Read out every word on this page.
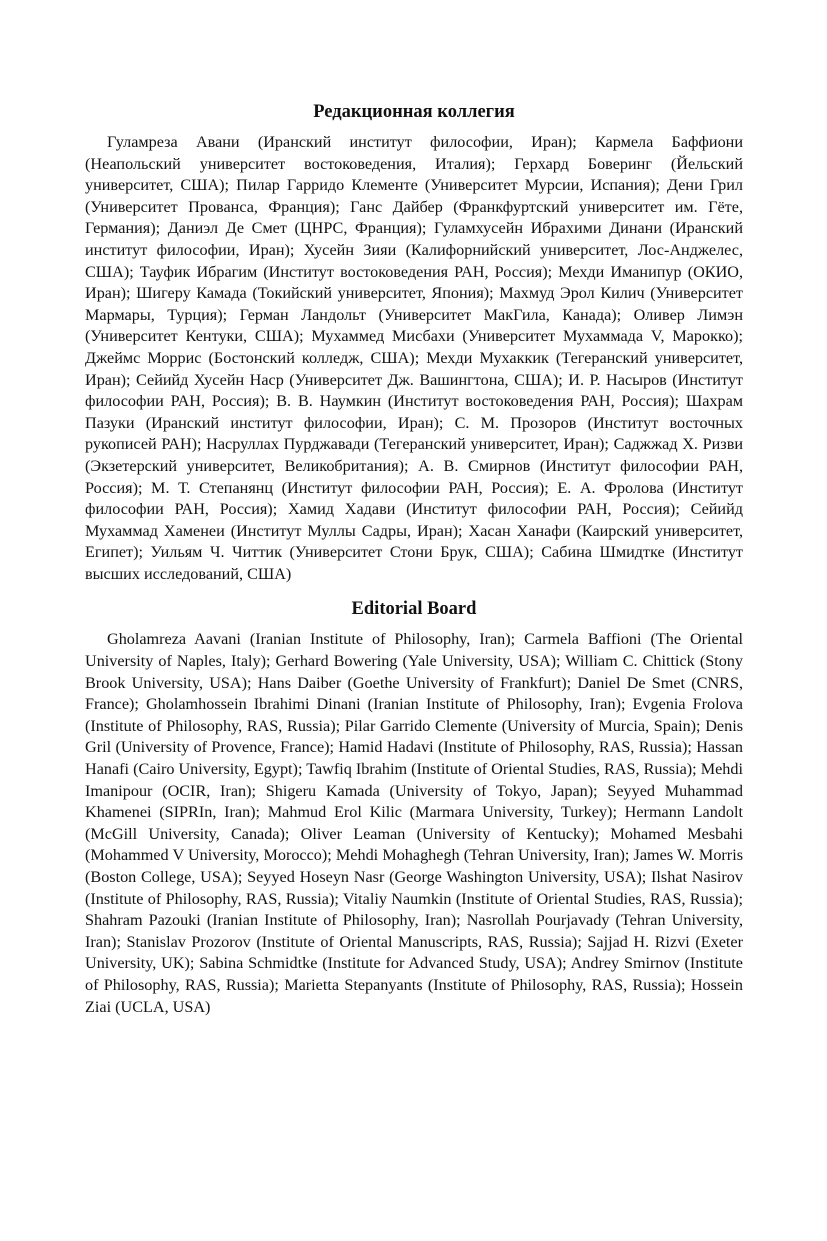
Редакционная коллегия

Гуламреза Авани (Иранский институт философии, Иран); Кармела Баффиони (Неапольский университет востоковедения, Италия); Герхард Боверинг (Йельский университет, США); Пилар Гарридо Клементе (Университет Мурсии, Испания); Дени Грил (Университет Прованса, Франция); Ганс Дайбер (Франкфуртский университет им. Гёте, Германия); Даниэл Де Смет (ЦНРС, Франция); Гуламхусейн Ибрахими Динани (Иранский институт философии, Иран); Хусейн Зияи (Калифорнийский университет, Лос-Анджелес, США); Тауфик Ибрагим (Институт востоковедения РАН, Россия); Мехди Иманипур (ОКИО, Иран); Шигеру Камада (Токийский университет, Япония); Махмуд Эрол Килич (Университет Мармары, Турция); Герман Ландольт (Университет МакГила, Канада); Оливер Лимэн (Университет Кентуки, США); Мухаммед Мисбахи (Университет Мухаммада V, Марокко); Джеймс Моррис (Бостонский колледж, США); Мехди Мухаккик (Тегеранский университет, Иран); Сейийд Хусейн Наср (Университет Дж. Вашингтона, США); И. Р. Насыров (Институт философии РАН, Россия); В. В. Наумкин (Институт востоковедения РАН, Россия); Шахрам Пазуки (Иранский институт философии, Иран); С. М. Прозоров (Институт восточных рукописей РАН); Насруллах Пурджавади (Тегеранский университет, Иран); Саджжад Х. Ризви (Экзетерский университет, Великобритания); А. В. Смирнов (Институт философии РАН, Россия); М. Т. Степанянц (Институт философии РАН, Россия); Е. А. Фролова (Институт философии РАН, Россия); Хамид Хадави (Институт философии РАН, Россия); Сейийд Мухаммад Хаменеи (Институт Муллы Садры, Иран); Хасан Ханафи (Каирский университет, Египет); Уильям Ч. Читтик (Университет Стони Брук, США); Сабина Шмидтке (Институт высших исследований, США)

Editorial Board

Gholamreza Aavani (Iranian Institute of Philosophy, Iran); Carmela Baffioni (The Oriental University of Naples, Italy); Gerhard Bowering (Yale University, USA); William C. Chittick (Stony Brook University, USA); Hans Daiber (Goethe University of Frankfurt); Daniel De Smet (CNRS, France); Gholamhossein Ibrahimi Dinani (Iranian Institute of Philosophy, Iran); Evgenia Frolova (Institute of Philosophy, RAS, Russia); Pilar Garrido Clemente (University of Murcia, Spain); Denis Gril (University of Provence, France); Hamid Hadavi (Institute of Philosophy, RAS, Russia); Hassan Hanafi (Cairo University, Egypt); Tawfiq Ibrahim (Institute of Oriental Studies, RAS, Russia); Mehdi Imanipour (OCIR, Iran); Shigeru Kamada (University of Tokyo, Japan); Seyyed Muhammad Khamenei (SIPRIn, Iran); Mahmud Erol Kilic (Marmara University, Turkey); Hermann Landolt (McGill University, Canada); Oliver Leaman (University of Kentucky); Mohamed Mesbahi (Mohammed V University, Morocco); Mehdi Mohaghegh (Tehran University, Iran); James W. Morris (Boston College, USA); Seyyed Hoseyn Nasr (George Washington University, USA); Ilshat Nasirov (Institute of Philosophy, RAS, Russia); Vitaliy Naumkin (Institute of Oriental Studies, RAS, Russia); Shahram Pazouki (Iranian Institute of Philosophy, Iran); Nasrollah Pourjavady (Tehran University, Iran); Stanislav Prozorov (Institute of Oriental Manuscripts, RAS, Russia); Sajjad H. Rizvi (Exeter University, UK); Sabina Schmidtke (Institute for Advanced Study, USA); Andrey Smirnov (Institute of Philosophy, RAS, Russia); Marietta Stepanyants (Institute of Philosophy, RAS, Russia); Hossein Ziai (UCLA, USA)
